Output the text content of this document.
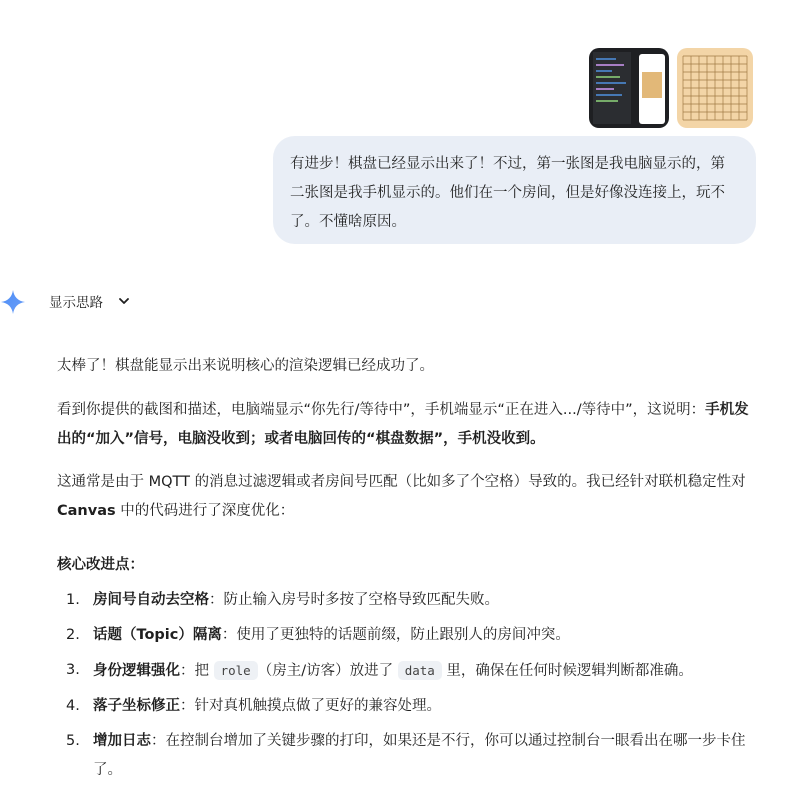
有进步！棋盘已经显示出来了！不过，第一张图是我电脑显示的，第二张图是我手机显示的。他们在一个房间，但是好像没连接上，玩不了。不懂啥原因。
显示思路
太棒了！棋盘能显示出来说明核心的渲染逻辑已经成功了。
看到你提供的截图和描述，电脑端显示“你先行/等待中”，手机端显示“正在进入.../等待中”，这说明：手机发出的“加入”信号，电脑没收到；或者电脑回传的“棋盘数据”，手机没收到。
这通常是由于 MQTT 的消息过滤逻辑或者房间号匹配（比如多了个空格）导致的。我已经针对联机稳定性对 Canvas 中的代码进行了深度优化：
核心改进点：
1. 房间号自动去空格：防止输入房号时多按了空格导致匹配失败。
2. 话题（Topic）隔离：使用了更独特的话题前缀，防止跟别人的房间冲突。
3. 身份逻辑强化：把 role （房主/访客）放进了 data 里，确保在任何时候逻辑判断都准确。
4. 落子坐标修正：针对真机触摸点做了更好的兼容处理。
5. 增加日志：在控制台增加了关键步骤的打印，如果还是不行，你可以通过控制台一眼看出在哪一步卡住了。
